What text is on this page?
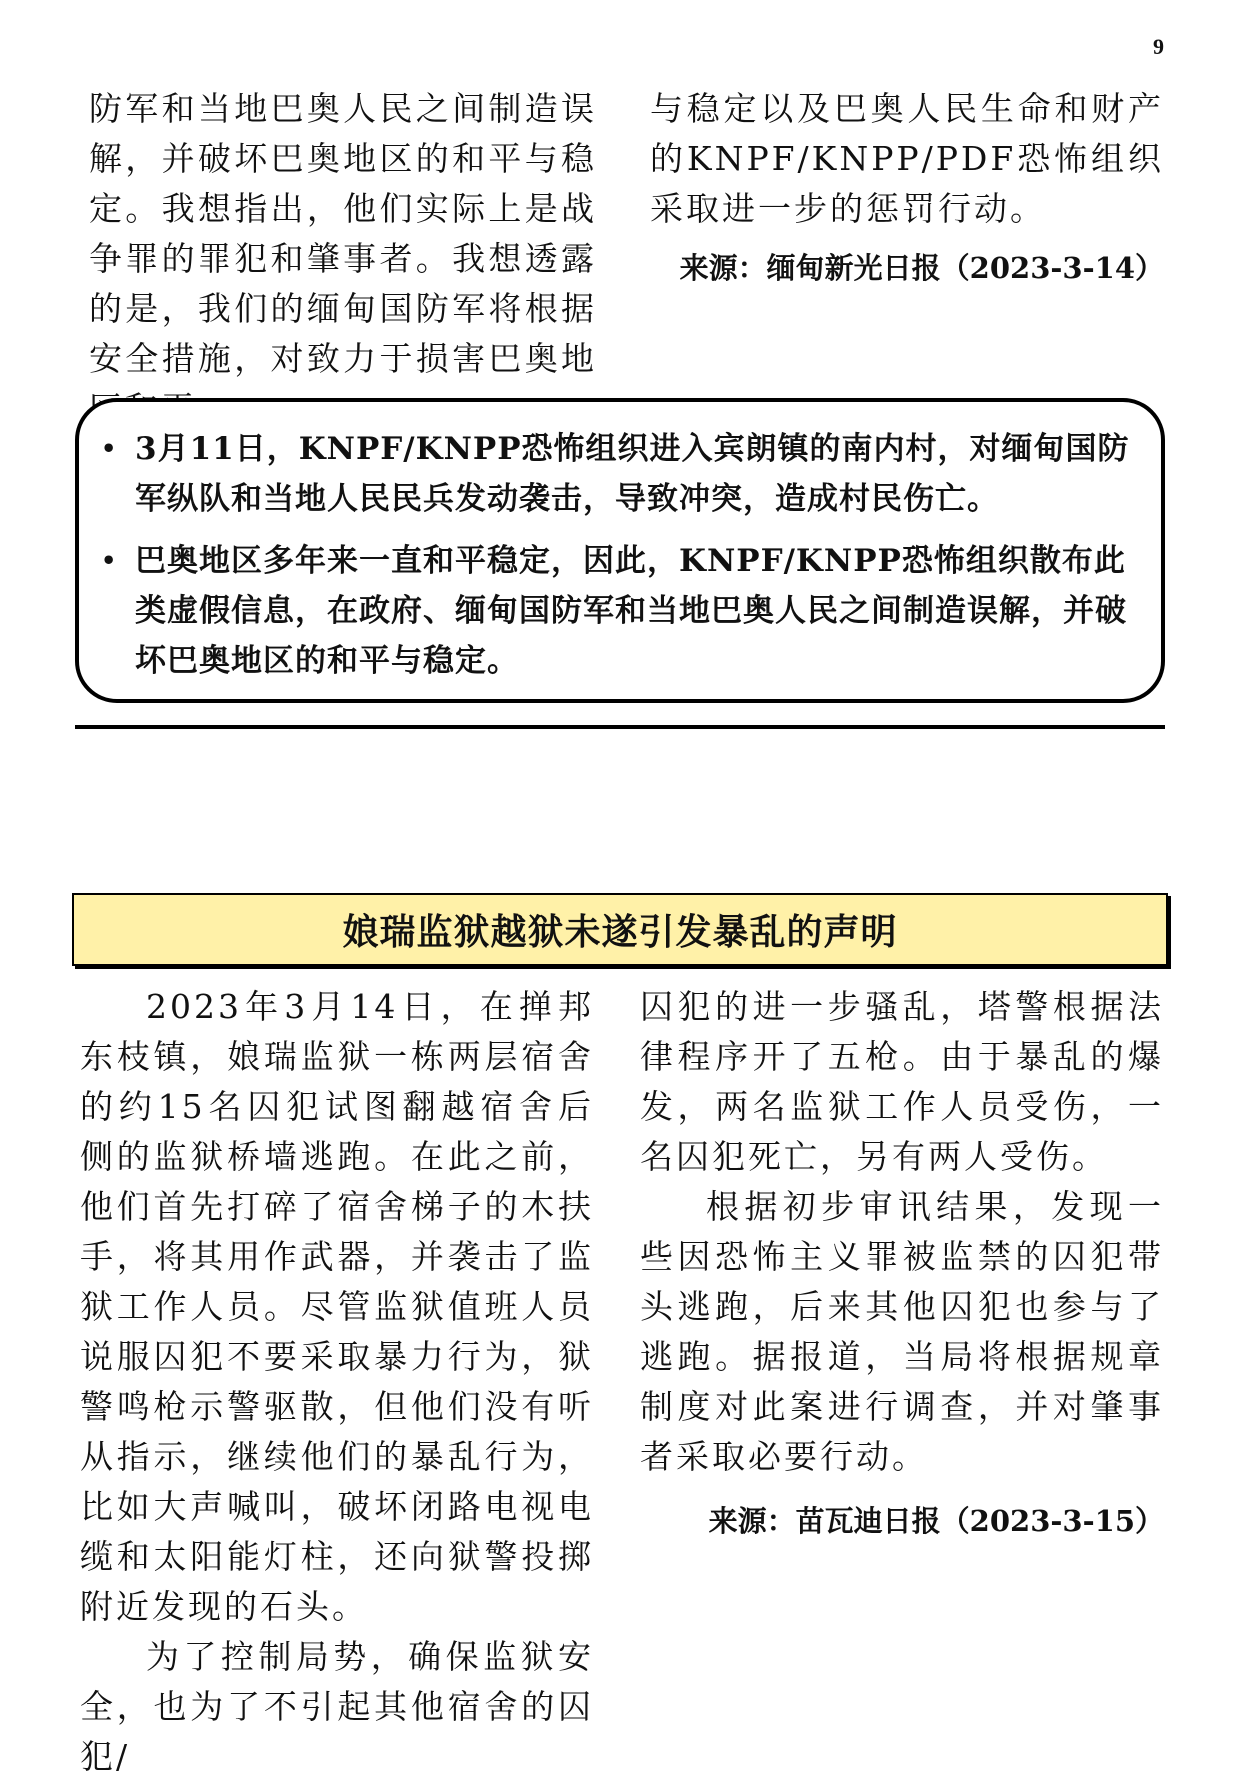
9

防军和当地巴奥人民之间制造误解，并破坏巴奥地区的和平与稳定。我想指出，他们实际上是战争罪的罪犯和肇事者。我想透露的是，我们的缅甸国防军将根据安全措施，对致力于损害巴奥地

与稳定以及巴奥人民生命和财产的KNPF/KNPP/PDF恐怖组织采取进一步的惩罚行动。

来源：缅甸新光日报（2023-3-14）
• 3月11日，KNPF/KNPP恐怖组织进入宾朗镇的南内村，对缅甸国防军纵队和当地人民民兵发动袭击，导致冲突，造成村民伤亡。
• 巴奥地区多年来一直和平稳定，因此，KNPF/KNPP恐怖组织散布此类虚假信息，在政府、缅甸国防军和当地巴奥人民之间制造误解，并破坏巴奥地区的和平与稳定。
娘瑞监狱越狱未遂引发暴乱的声明

2023年3月14日，在掸邦东枝镇，娘瑞监狱一栋两层宿舍的约15名囚犯试图翻越宿舍后侧的监狱桥墙逃跑。在此之前，他们首先打碎了宿舍梯子的木扶手，将其用作武器，并袭击了监狱工作人员。尽管监狱值班人员说服囚犯不要采取暴力行为，狱警鸣枪示警驱散，但他们没有听从指示，继续他们的暴乱行为，比如大声喊叫，破坏闭路电视电缆和太阳能灯柱，还向狱警投掷附近发现的石头。

为了控制局势，确保监狱安全，也为了不引起其他宿舍的囚犯/

囚犯的进一步骚乱，塔警根据法律程序开了五枪。由于暴乱的爆发，两名监狱工作人员受伤，一名囚犯死亡，另有两人受伤。

根据初步审讯结果，发现一些因恐怖主义罪被监禁的囚犯带头逃跑，后来其他囚犯也参与了逃跑。据报道，当局将根据规章制度对此案进行调查，并对肇事者采取必要行动。

来源：苗瓦迪日报（2023-3-15）
